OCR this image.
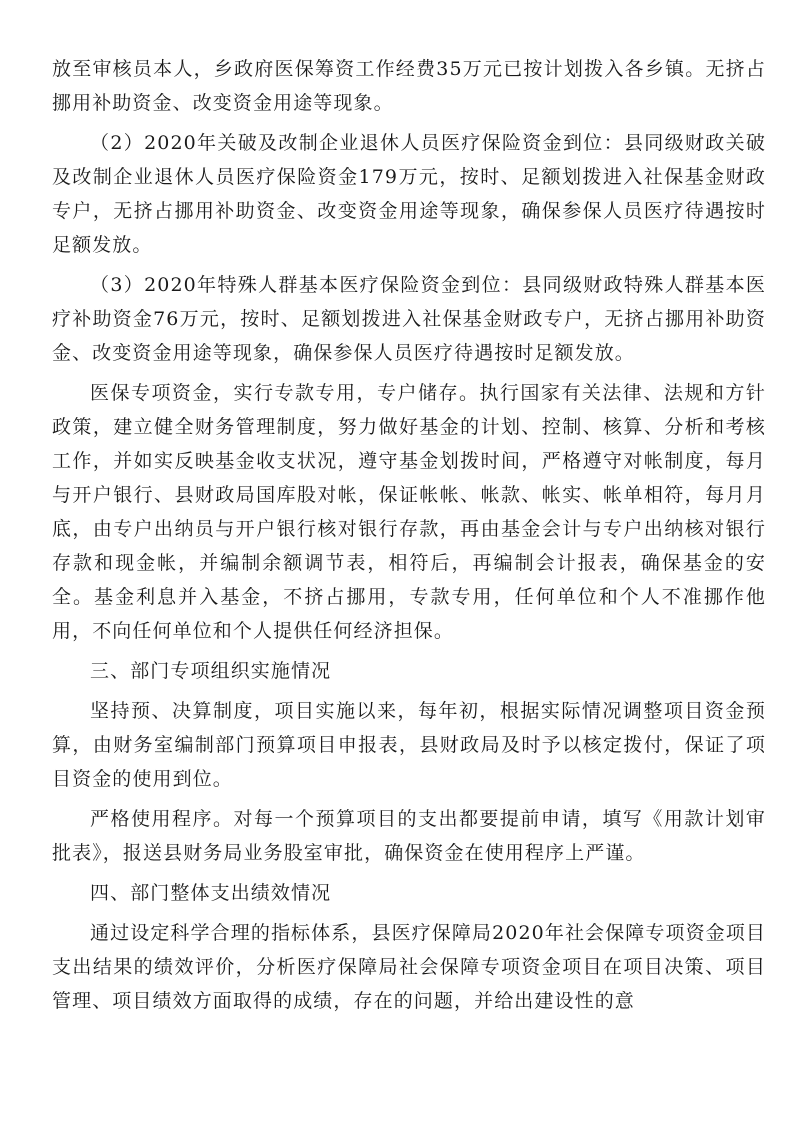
放至审核员本人，乡政府医保筹资工作经费35万元已按计划拨入各乡镇。无挤占挪用补助资金、改变资金用途等现象。

（2）2020年关破及改制企业退休人员医疗保险资金到位：县同级财政关破及改制企业退休人员医疗保险资金179万元，按时、足额划拨进入社保基金财政专户，无挤占挪用补助资金、改变资金用途等现象，确保参保人员医疗待遇按时足额发放。

（3）2020年特殊人群基本医疗保险资金到位：县同级财政特殊人群基本医疗补助资金76万元，按时、足额划拨进入社保基金财政专户，无挤占挪用补助资金、改变资金用途等现象，确保参保人员医疗待遇按时足额发放。

医保专项资金，实行专款专用，专户储存。执行国家有关法律、法规和方针政策，建立健全财务管理制度，努力做好基金的计划、控制、核算、分析和考核工作，并如实反映基金收支状况，遵守基金划拨时间，严格遵守对帐制度，每月与开户银行、县财政局国库股对帐，保证帐帐、帐款、帐实、帐单相符，每月月底，由专户出纳员与开户银行核对银行存款，再由基金会计与专户出纳核对银行存款和现金帐，并编制余额调节表，相符后，再编制会计报表，确保基金的安全。基金利息并入基金，不挤占挪用，专款专用，任何单位和个人不准挪作他用，不向任何单位和个人提供任何经济担保。

三、部门专项组织实施情况

坚持预、决算制度，项目实施以来，每年初，根据实际情况调整项目资金预算，由财务室编制部门预算项目申报表，县财政局及时予以核定拨付，保证了项目资金的使用到位。

严格使用程序。对每一个预算项目的支出都要提前申请，填写《用款计划审批表》，报送县财务局业务股室审批，确保资金在使用程序上严谨。

四、部门整体支出绩效情况

通过设定科学合理的指标体系，县医疗保障局2020年社会保障专项资金项目支出结果的绩效评价，分析医疗保障局社会保障专项资金项目在项目决策、项目管理、项目绩效方面取得的成绩，存在的问题，并给出建设性的意
